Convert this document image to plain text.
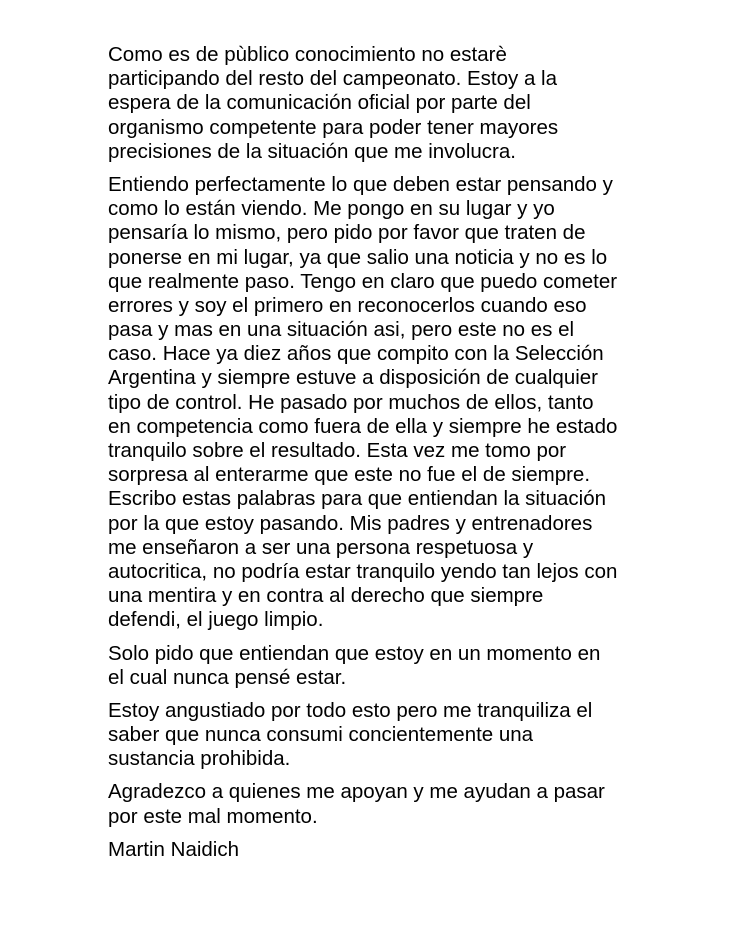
Como es de pùblico conocimiento no estarè
participando del resto del campeonato. Estoy a la
espera de la comunicación oficial por parte del
organismo competente para poder tener mayores
precisiones de la situación que me involucra.
Entiendo perfectamente lo que deben estar pensando y
como lo están viendo. Me pongo en su lugar y yo
pensaría lo mismo, pero pido por favor que traten de
ponerse en mi lugar, ya que salio una noticia y no es lo
que realmente paso. Tengo en claro que puedo cometer
errores y soy el primero en reconocerlos cuando eso
pasa y mas en una situación asi, pero este no es el
caso. Hace ya diez años que compito con la Selección
Argentina y siempre estuve a disposición de cualquier
tipo de control. He pasado por muchos de ellos, tanto
en competencia como fuera de ella y siempre he estado
tranquilo sobre el resultado. Esta vez me tomo por
sorpresa al enterarme que este no fue el de siempre.
Escribo estas palabras para que entiendan la situación
por la que estoy pasando. Mis padres y entrenadores
me enseñaron a ser una persona respetuosa y
autocritica, no podría estar tranquilo yendo tan lejos con
una mentira y en contra al derecho que siempre
defendi, el juego limpio.
Solo pido que entiendan que estoy en un momento en
el cual nunca pensé estar.
Estoy angustiado por todo esto pero me tranquiliza el
saber que nunca consumi concientemente una
sustancia prohibida.
Agradezco a quienes me apoyan y me ayudan a pasar
por este mal momento.
Martin Naidich
